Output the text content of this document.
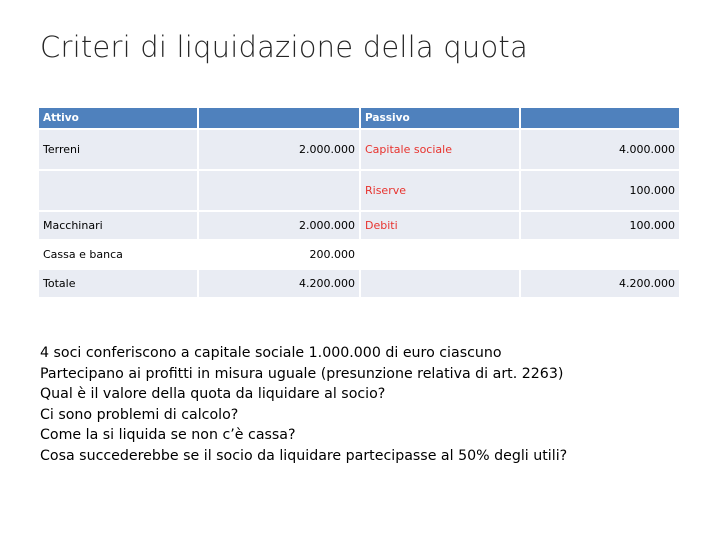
Criteri di liquidazione della quota
Attivo		Passivo	
Terreni	2.000.000	Capitale sociale	4.000.000
		Riserve	100.000
Macchinari	2.000.000	Debiti	100.000
Cassa e banca	200.000		
Totale	4.200.000		4.200.000
4 soci conferiscono a capitale sociale 1.000.000 di euro ciascuno
Partecipano ai profitti in misura uguale (presunzione relativa di art. 2263)
Qual è il valore della quota da liquidare al socio?
Ci sono problemi di calcolo?
Come la si liquida se non c’è cassa?
Cosa succederebbe se il socio da liquidare partecipasse al 50% degli utili?
